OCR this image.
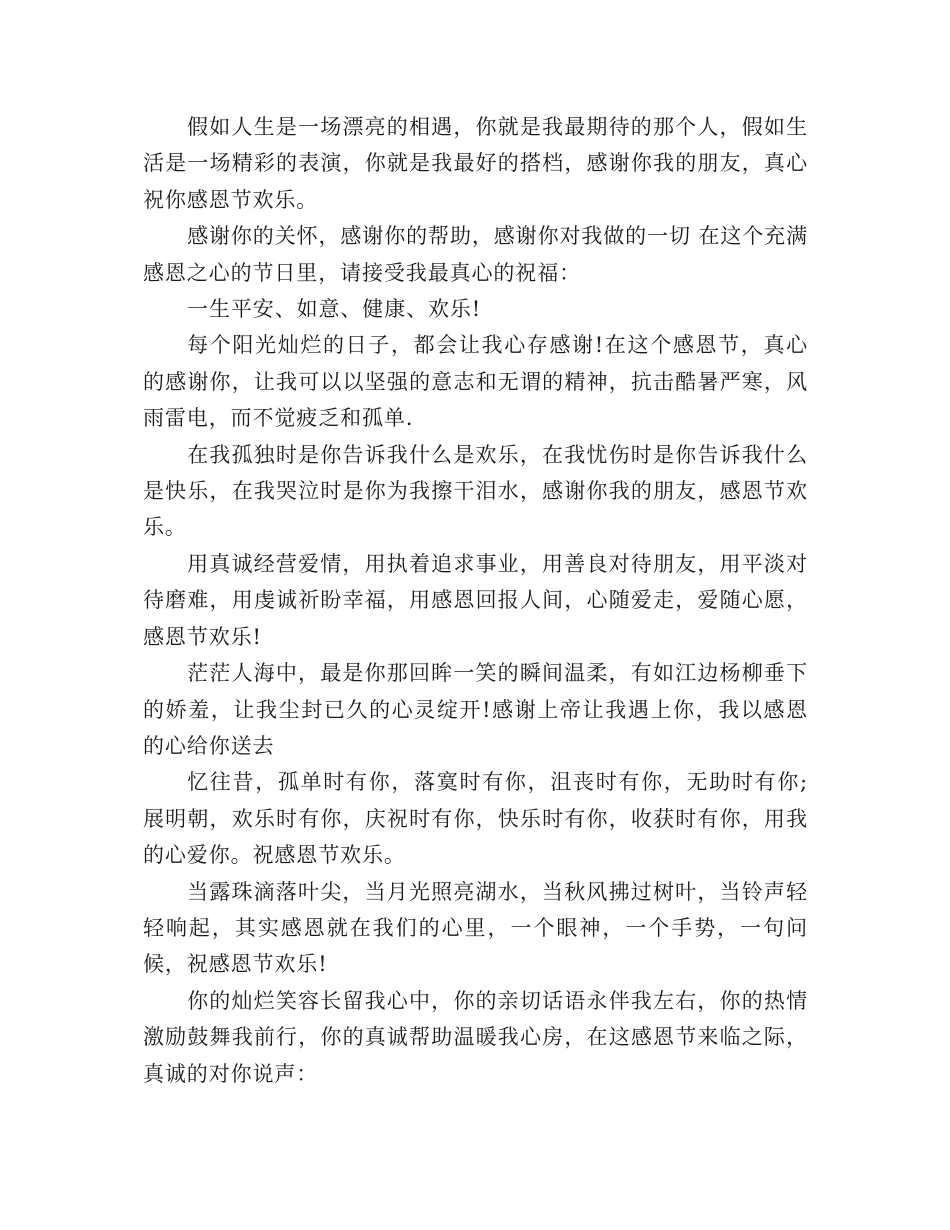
假如人生是一场漂亮的相遇，你就是我最期待的那个人，假如生活是一场精彩的表演，你就是我最好的搭档，感谢你我的朋友，真心祝你感恩节欢乐。

感谢你的关怀，感谢你的帮助，感谢你对我做的一切 在这个充满感恩之心的节日里，请接受我最真心的祝福：

一生平安、如意、健康、欢乐!

每个阳光灿烂的日子，都会让我心存感谢!在这个感恩节，真心的感谢你，让我可以以坚强的意志和无谓的精神，抗击酷暑严寒，风雨雷电，而不觉疲乏和孤单.

在我孤独时是你告诉我什么是欢乐，在我忧伤时是你告诉我什么是快乐，在我哭泣时是你为我擦干泪水，感谢你我的朋友，感恩节欢乐。

用真诚经营爱情，用执着追求事业，用善良对待朋友，用平淡对待磨难，用虔诚祈盼幸福，用感恩回报人间，心随爱走，爱随心愿，感恩节欢乐!

茫茫人海中，最是你那回眸一笑的瞬间温柔，有如江边杨柳垂下的娇羞，让我尘封已久的心灵绽开!感谢上帝让我遇上你，我以感恩的心给你送去

忆往昔，孤单时有你，落寞时有你，沮丧时有你，无助时有你;展明朝，欢乐时有你，庆祝时有你，快乐时有你，收获时有你，用我的心爱你。祝感恩节欢乐。

当露珠滴落叶尖，当月光照亮湖水，当秋风拂过树叶，当铃声轻轻响起，其实感恩就在我们的心里，一个眼神，一个手势，一句问候，祝感恩节欢乐!

你的灿烂笑容长留我心中，你的亲切话语永伴我左右，你的热情激励鼓舞我前行，你的真诚帮助温暖我心房，在这感恩节来临之际，真诚的对你说声：
